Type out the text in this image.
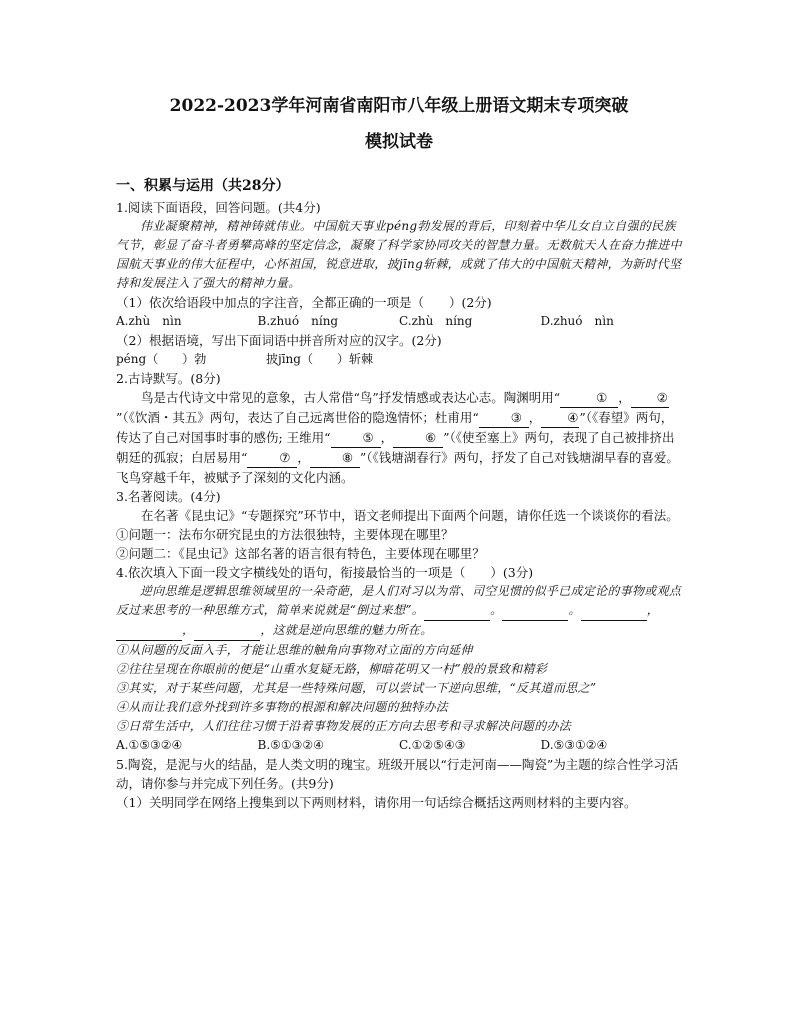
2022-2023学年河南省南阳市八年级上册语文期末专项突破

模拟试卷

一、积累与运用（共28分）
1.阅读下面语段，回答问题。(共4分)
伟业凝聚精神，精神铸就伟业。中国航天事业péng勃发展的背后，印刻着中华儿女自立自强的民族气节，彰显了奋斗者勇攀高峰的坚定信念，凝聚了科学家协同攻关的智慧力量。无数航天人在奋力推进中国航天事业的伟大征程中，心怀祖国，锐意进取，披jīng斩棘，成就了伟大的中国航天精神，为新时代坚持和发展注入了强大的精神力量。
（1）依次给语段中加点的字注音，全都正确的一项是（　　）(2分)
A.zhù　nìn	B.zhuó　níng	C.zhù　níng	D.zhuó　nìn
（2）根据语境，写出下面词语中拼音所对应的汉字。(2分)
péng（　　）勃	披jīng（　　）斩棘
2.古诗默写。(8分)
鸟是古代诗文中常见的意象，古人常借“鸟”抒发情感或表达心志。陶渊明用“	① ， ②”（《饮酒・其五》两句，表达了自己远离世俗的隐逸情怀；杜甫用“	③ ， ④”（《春望》两句，传达了自己对国事时事的感伤; 王维用“	⑤ ，	⑥ ”（《使至塞上》两句，表现了自己被排挤出朝廷的孤寂；白居易用“	⑦ ，	⑧ ”（《钱塘湖春行》两句，抒发了自己对钱塘湖早春的喜爱。飞鸟穿越千年，被赋予了深刻的文化内涵。
3.名著阅读。(4分)
在名著《昆虫记》“专题探究”环节中，语文老师提出下面两个问题，请你任选一个谈谈你的看法。
①问题一：法布尔研究昆虫的方法很独特，主要体现在哪里？
②问题二：《昆虫记》这部名著的语言很有特色，主要体现在哪里？
4.依次填入下面一段文字横线处的语句，衔接最恰当的一项是（　　）(3分)
逆向思维是逻辑思维领域里的一朵奇葩，是人们对习以为常、司空见惯的似乎已成定论的事物或观点反过来思考的一种思维方式，简单来说就是“倒过来想”。	。	。	，，	，这就是逆向思维的魅力所在。
①从问题的反面入手，才能让思维的触角向事物对立面的方向延伸
②往往呈现在你眼前的便是“山重水复疑无路，柳暗花明又一村”般的景致和精彩
③其实，对于某些问题，尤其是一些特殊问题，可以尝试一下逆向思维，“反其道而思之”
④从而让我们意外找到许多事物的根源和解决问题的独特办法
⑤日常生活中，人们往往习惯于沿着事物发展的正方向去思考和寻求解决问题的办法
A.①⑤③②④	B.⑤①③②④	C.①②⑤④③	D.⑤③①②④
5.陶瓷，是泥与火的结晶，是人类文明的瑰宝。班级开展以“行走河南——陶瓷”为主题的综合性学习活动，请你参与并完成下列任务。(共9分)
（1）关明同学在网络上搜集到以下两则材料，请你用一句话综合概括这两则材料的主要内容。
